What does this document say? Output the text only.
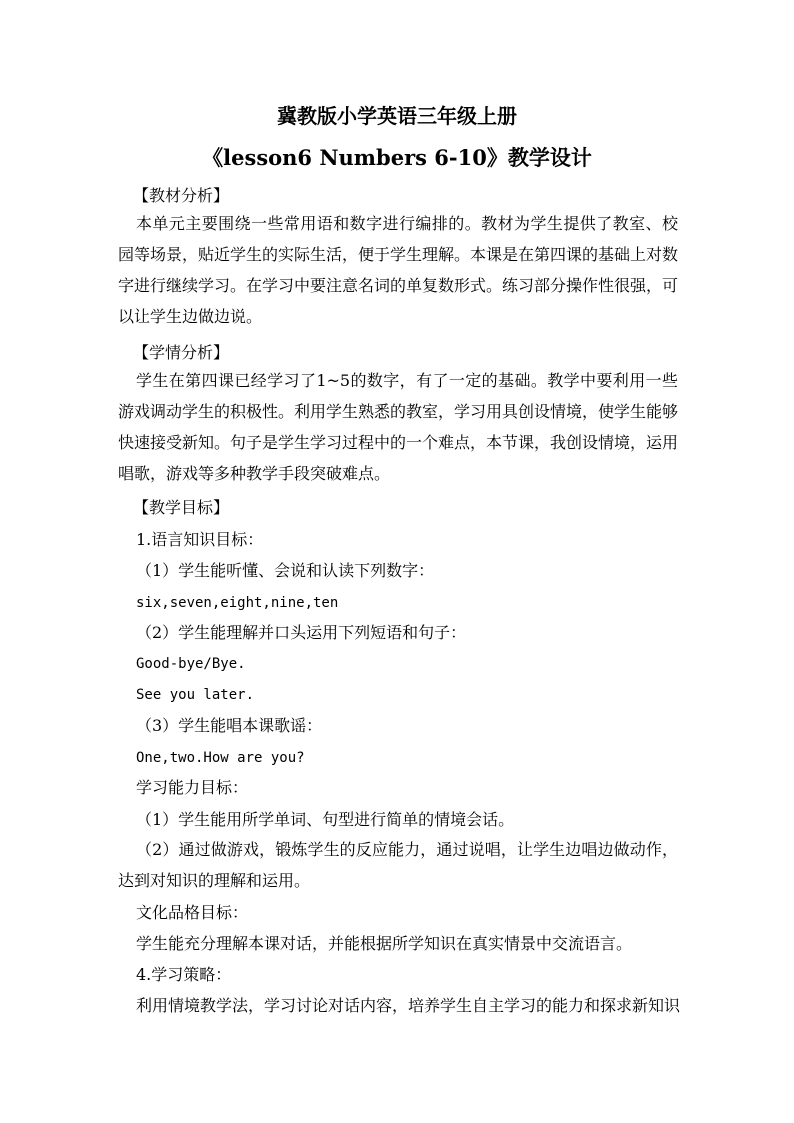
冀教版小学英语三年级上册
《lesson6 Numbers 6-10》教学设计
【教材分析】
本单元主要围绕一些常用语和数字进行编排的。教材为学生提供了教室、校园等场景，贴近学生的实际生活，便于学生理解。本课是在第四课的基础上对数字进行继续学习。在学习中要注意名词的单复数形式。练习部分操作性很强，可以让学生边做边说。
【学情分析】
学生在第四课已经学习了1~5的数字，有了一定的基础。教学中要利用一些游戏调动学生的积极性。利用学生熟悉的教室，学习用具创设情境，使学生能够快速接受新知。句子是学生学习过程中的一个难点，本节课，我创设情境，运用唱歌，游戏等多种教学手段突破难点。
【教学目标】
1.语言知识目标：
（1）学生能听懂、会说和认读下列数字：
six,seven,eight,nine,ten
（2）学生能理解并口头运用下列短语和句子：
Good-bye/Bye.
See you later.
（3）学生能唱本课歌谣：
One,two.How are you?
学习能力目标：
（1）学生能用所学单词、句型进行简单的情境会话。
（2）通过做游戏，锻炼学生的反应能力，通过说唱，让学生边唱边做动作，达到对知识的理解和运用。
文化品格目标：
学生能充分理解本课对话，并能根据所学知识在真实情景中交流语言。
4.学习策略：
利用情境教学法，学习讨论对话内容，培养学生自主学习的能力和探求新知识
